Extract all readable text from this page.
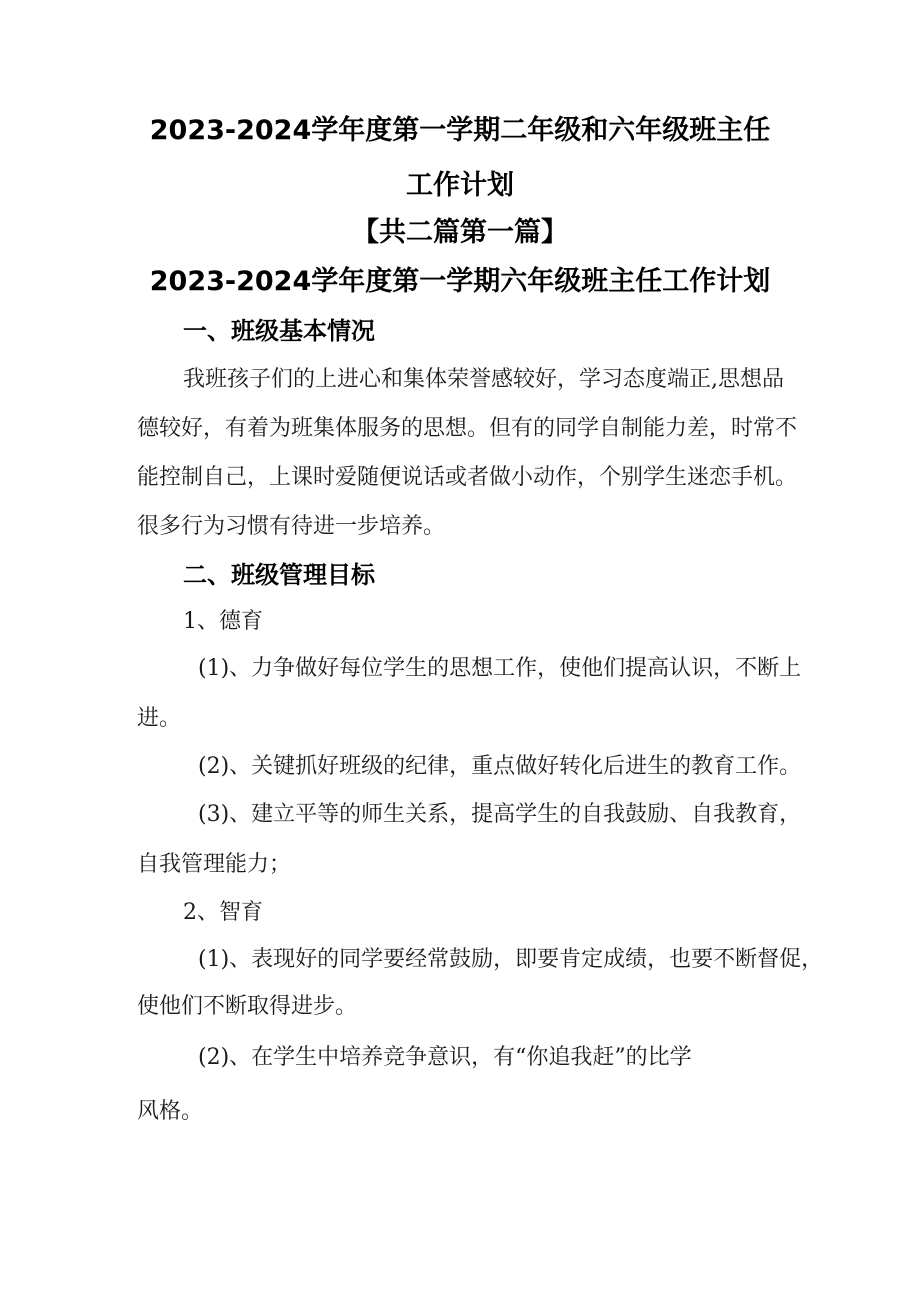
2023-2024学年度第一学期二年级和六年级班主任
工作计划
【共二篇第一篇】
2023-2024学年度第一学期六年级班主任工作计划
一、班级基本情况
我班孩子们的上进心和集体荣誉感较好，学习态度端正,思想品
德较好，有着为班集体服务的思想。但有的同学自制能力差，时常不
能控制自己，上课时爱随便说话或者做小动作，个别学生迷恋手机。
很多行为习惯有待进一步培养。
二、班级管理目标
1、德育
(1)、力争做好每位学生的思想工作，使他们提高认识，不断上
进。
(2)、关键抓好班级的纪律，重点做好转化后进生的教育工作。
(3)、建立平等的师生关系，提高学生的自我鼓励、自我教育，
自我管理能力；
2、智育
(1)、表现好的同学要经常鼓励，即要肯定成绩，也要不断督促，
使他们不断取得进步。
(2)、在学生中培养竞争意识，有“你追我赶”的比学
风格。
